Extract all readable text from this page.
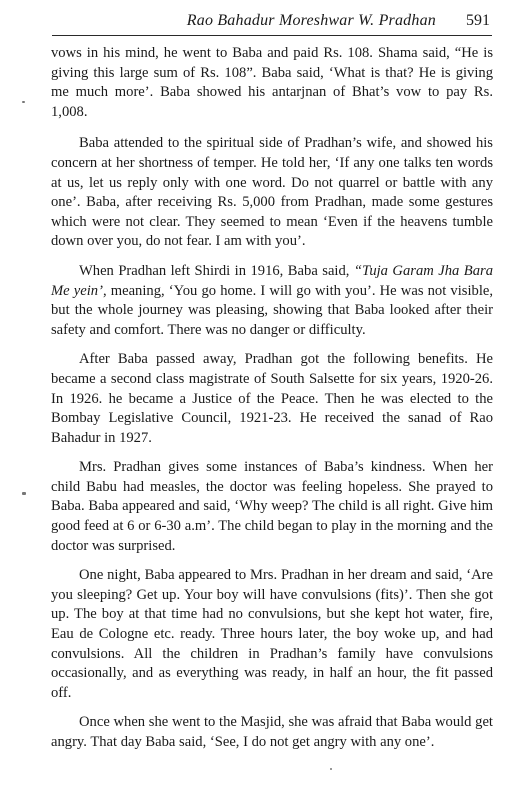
Rao Bahadur Moreshwar W. Pradhan 591

vows in his mind, he went to Baba and paid Rs. 108. Shama said, “He is giving this large sum of Rs. 108”. Baba said, ‘What is that? He is giving me much more’. Baba showed his antarjnan of Bhat’s vow to pay Rs. 1,008.

Baba attended to the spiritual side of Pradhan’s wife, and showed his concern at her shortness of temper. He told her, ‘If any one talks ten words at us, let us reply only with one word. Do not quarrel or battle with any one’. Baba, after receiving Rs. 5,000 from Pradhan, made some gestures which were not clear. They seemed to mean ‘Even if the heavens tumble down over you, do not fear. I am with you’.

When Pradhan left Shirdi in 1916, Baba said, “Tuja Garam Jha Bara Me yein’, meaning, ‘You go home. I will go with you’. He was not visible, but the whole journey was pleasing, showing that Baba looked after their safety and comfort. There was no danger or difficulty.

After Baba passed away, Pradhan got the following benefits. He became a second class magistrate of South Salsette for six years, 1920-26. In 1926. he became a Justice of the Peace. Then he was elected to the Bombay Legislative Council, 1921-23. He received the sanad of Rao Bahadur in 1927.

Mrs. Pradhan gives some instances of Baba’s kindness. When her child Babu had measles, the doctor was feeling hopeless. She prayed to Baba. Baba appeared and said, ‘Why weep? The child is all right. Give him good feed at 6 or 6-30 a.m’. The child began to play in the morning and the doctor was surprised.

One night, Baba appeared to Mrs. Pradhan in her dream and said, ‘Are you sleeping? Get up. Your boy will have convulsions (fits)’. Then she got up. The boy at that time had no convulsions, but she kept hot water, fire, Eau de Cologne etc. ready. Three hours later, the boy woke up, and had convulsions. All the children in Pradhan’s family have convulsions occasionally, and as everything was ready, in half an hour, the fit passed off.

Once when she went to the Masjid, she was afraid that Baba would get angry. That day Baba said, ‘See, I do not get angry with any one’.
